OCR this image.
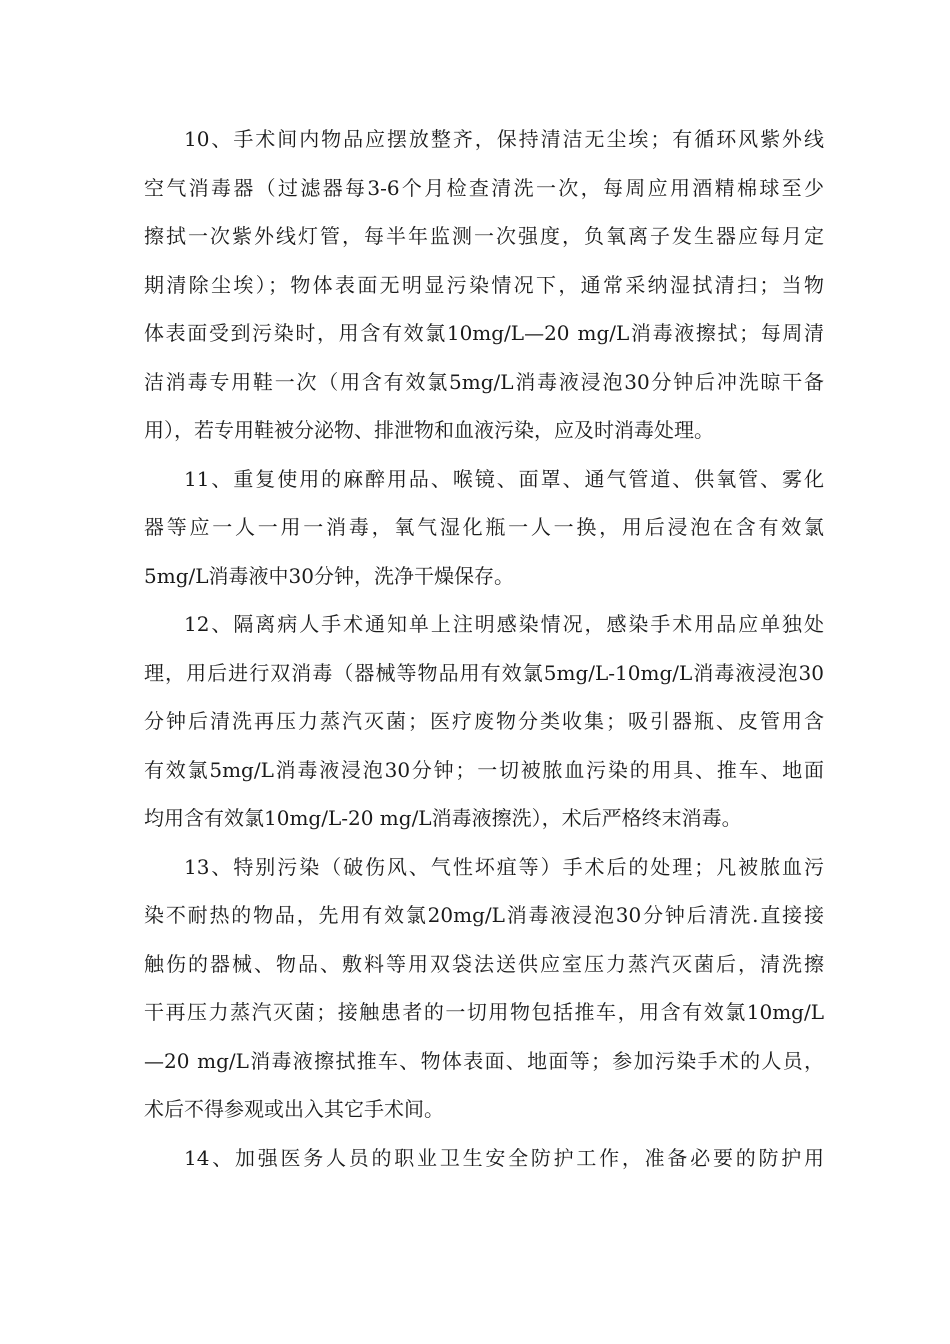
10、手术间内物品应摆放整齐，保持清洁无尘埃；有循环风紫外线
空气消毒器（过滤器每3-6个月检查清洗一次，每周应用酒精棉球至少
擦拭一次紫外线灯管，每半年监测一次强度，负氧离子发生器应每月定
期清除尘埃）；物体表面无明显污染情况下，通常采纳湿拭清扫；当物
体表面受到污染时，用含有效氯10mg/L—20 mg/L消毒液擦拭；每周清
洁消毒专用鞋一次（用含有效氯5mg/L消毒液浸泡30分钟后冲洗晾干备
用），若专用鞋被分泌物、排泄物和血液污染，应及时消毒处理。
11、重复使用的麻醉用品、喉镜、面罩、通气管道、供氧管、雾化
器等应一人一用一消毒，氧气湿化瓶一人一换，用后浸泡在含有效氯
5mg/L消毒液中30分钟，洗净干燥保存。
12、隔离病人手术通知单上注明感染情况，感染手术用品应单独处
理，用后进行双消毒（器械等物品用有效氯5mg/L-10mg/L消毒液浸泡30
分钟后清洗再压力蒸汽灭菌；医疗废物分类收集；吸引器瓶、皮管用含
有效氯5mg/L消毒液浸泡30分钟；一切被脓血污染的用具、推车、地面
均用含有效氯10mg/L-20 mg/L消毒液擦洗），术后严格终末消毒。
13、特别污染（破伤风、气性坏疽等）手术后的处理；凡被脓血污
染不耐热的物品，先用有效氯20mg/L消毒液浸泡30分钟后清洗.直接接
触伤的器械、物品、敷料等用双袋法送供应室压力蒸汽灭菌后，清洗擦
干再压力蒸汽灭菌；接触患者的一切用物包括推车，用含有效氯10mg/L
—20 mg/L消毒液擦拭推车、物体表面、地面等；参加污染手术的人员，
术后不得参观或出入其它手术间。
14、加强医务人员的职业卫生安全防护工作，准备必要的防护用
